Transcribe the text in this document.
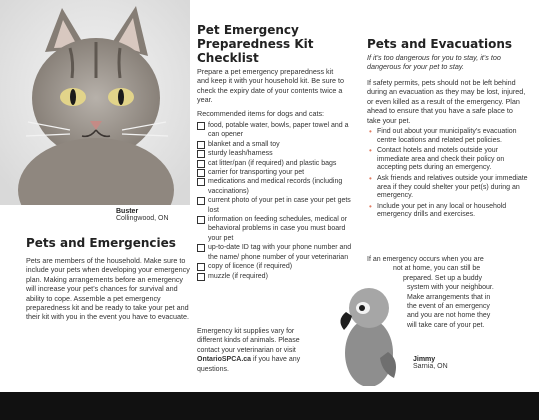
Buster
Collingwood, ON
Pets and Emergencies

Pets are members of the household. Make sure to include your pets when developing your emergency plan. Making arrangements before an emergency will increase your pet’s chances for survival and ability to cope. Assemble a pet emergency preparedness kit and be ready to take your pet and their kit with you in the event you have to evacuate.

Pet Emergency
Preparedness Kit
Checklist

Prepare a pet emergency preparedness kit and keep it with your household kit. Be sure to check the expiry date of your contents twice a year.

Recommended items for dogs and cats:

food, potable water, bowls, paper towel and a can opener
blanket and a small toy
sturdy leash/harness
cat litter/pan (if required) and plastic bags
carrier for transporting your pet
medications and medical records (including vaccinations)
current photo of your pet in case your pet gets lost
information on feeding schedules, medical or behavioral problems in case you must board your pet
up-to-date ID tag with your phone number and the name/ phone number of your veterinarian
copy of licence (if required)
muzzle (if required)
Emergency kit supplies vary for
different kinds of animals. Please
contact your veterinarian or visit
OntarioSPCA.ca if you have any
questions.
Pets and Evacuations

If it’s too dangerous for you to stay, it’s too dangerous for your pet to stay.

If safety permits, pets should not be left behind during an evacuation as they may be lost, injured, or even killed as a result of the emergency. Plan ahead to ensure that you have a safe place to take your pet.

• Find out about your municipality’s evacuation centre locations and related pet policies.
• Contact hotels and motels outside your immediate area and check their policy on accepting pets during an emergency.
• Ask friends and relatives outside your immediate area if they could shelter your pet(s) during an emergency.
• Include your pet in any local or household emergency drills and exercises.
If an emergency occurs when you are
not at home, you can still be
prepared. Set up a buddy
system with your neighbour.
Make arrangements that in
the event of an emergency
and you are not home they
will take care of your pet.
Jimmy
Sarnia, ON
